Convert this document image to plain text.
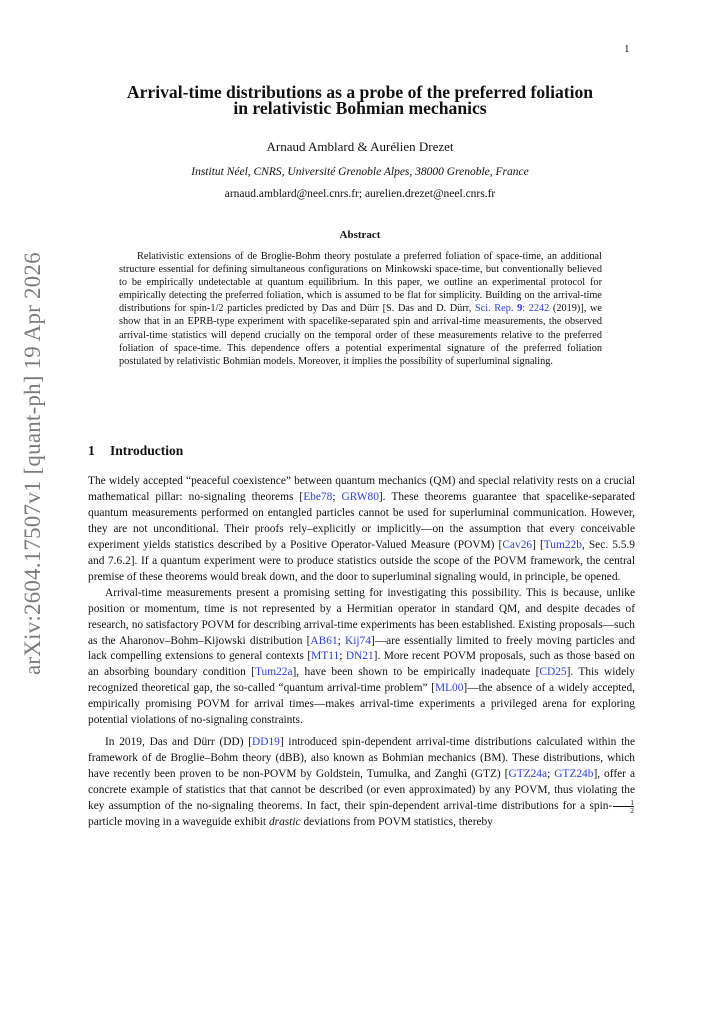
1
arXiv:2604.17507v1 [quant-ph] 19 Apr 2026
Arrival-time distributions as a probe of the preferred foliation
in relativistic Bohmian mechanics
Arnaud Amblard & Aurélien Drezet
Institut Néel, CNRS, Université Grenoble Alpes, 38000 Grenoble, France
arnaud.amblard@neel.cnrs.fr; aurelien.drezet@neel.cnrs.fr
Abstract

Relativistic extensions of de Broglie-Bohm theory postulate a preferred foliation of space-time, an additional structure essential for defining simultaneous configurations on Minkowski space-time, but conventionally believed to be empirically undetectable at quantum equilibrium. In this paper, we outline an experimental protocol for empirically detecting the preferred foliation, which is assumed to be flat for simplicity. Building on the arrival-time distributions for spin-1/2 particles predicted by Das and Dürr [S. Das and D. Dürr, Sci. Rep. 9: 2242 (2019)], we show that in an EPRB-type experiment with spacelike-separated spin and arrival-time measurements, the observed arrival-time statistics will depend crucially on the temporal order of these measurements relative to the preferred foliation of space-time. This dependence offers a potential experimental signature of the preferred foliation postulated by relativistic Bohmian models. Moreover, it implies the possibility of superluminal signaling.

1 Introduction

The widely accepted “peaceful coexistence” between quantum mechanics (QM) and special relativity rests on a crucial mathematical pillar: no-signaling theorems [Ebe78; GRW80]. These theorems guarantee that spacelike-separated quantum measurements performed on entangled particles cannot be used for superluminal communication. However, they are not unconditional. Their proofs rely–explicitly or implicitly—on the assumption that every conceivable experiment yields statistics described by a Positive Operator-Valued Measure (POVM) [Cav26] [Tum22b, Sec. 5.5.9 and 7.6.2]. If a quantum experiment were to produce statistics outside the scope of the POVM framework, the central premise of these theorems would break down, and the door to superluminal signaling would, in principle, be opened.

Arrival-time measurements present a promising setting for investigating this possibility. This is because, unlike position or momentum, time is not represented by a Hermitian operator in standard QM, and despite decades of research, no satisfactory POVM for describing arrival-time experiments has been established. Existing proposals—such as the Aharonov–Bohm–Kijowski distribution [AB61; Kij74]—are essentially limited to freely moving particles and lack compelling extensions to general contexts [MT11; DN21]. More recent POVM proposals, such as those based on an absorbing boundary condition [Tum22a], have been shown to be empirically inadequate [CD25]. This widely recognized theoretical gap, the so-called “quantum arrival-time problem” [ML00]—the absence of a widely accepted, empirically promising POVM for arrival times—makes arrival-time experiments a privileged arena for exploring potential violations of no-signaling constraints.

In 2019, Das and Dürr (DD) [DD19] introduced spin-dependent arrival-time distributions calculated within the framework of de Broglie–Bohm theory (dBB), also known as Bohmian mechanics (BM). These distributions, which have recently been proven to be non-POVM by Goldstein, Tumulka, and Zanghì (GTZ) [GTZ24a; GTZ24b], offer a concrete example of statistics that that cannot be described (or even approximated) by any POVM, thus violating the key assumption of the no-signaling theorems. In fact, their spin-dependent arrival-time distributions for a spin- $\frac{1}{2}$
particle moving in a waveguide exhibit drastic deviations from POVM statistics, thereby
